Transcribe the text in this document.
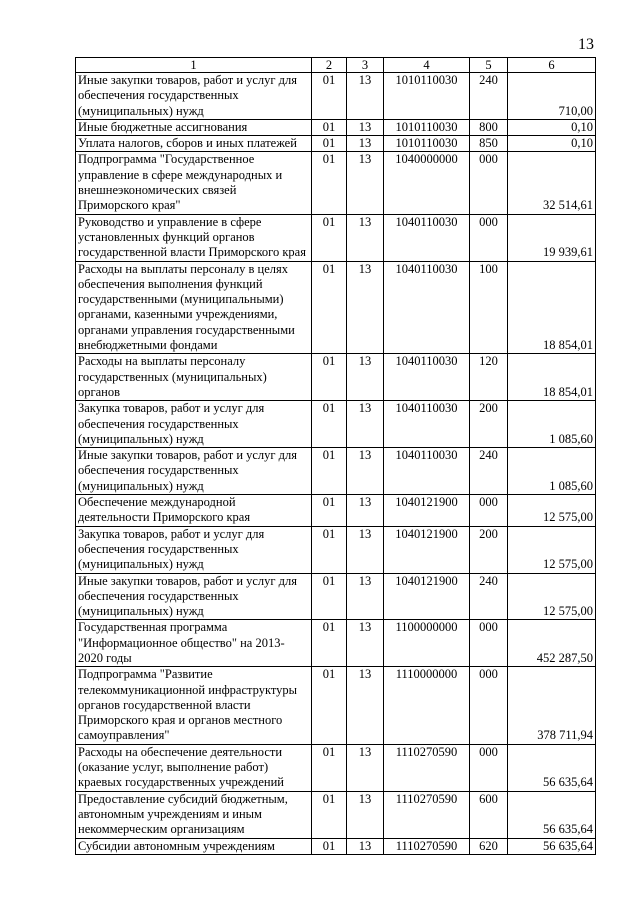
13
1	2	3	4	5	6
Иные закупки товаров, работ и услуг для обеспечения государственных (муниципальных) нужд	01	13	1010110030	240	710,00
Иные бюджетные ассигнования	01	13	1010110030	800	0,10
Уплата налогов, сборов и иных платежей	01	13	1010110030	850	0,10
Подпрограмма "Государственное управление в сфере международных и внешнеэкономических связей Приморского края"	01	13	1040000000	000	32 514,61
Руководство и управление в сфере установленных функций органов государственной власти Приморского края	01	13	1040110030	000	19 939,61
Расходы на выплаты персоналу в целях обеспечения выполнения функций государственными (муниципальными) органами, казенными учреждениями, органами управления государственными внебюджетными фондами	01	13	1040110030	100	18 854,01
Расходы на выплаты персоналу государственных (муниципальных) органов	01	13	1040110030	120	18 854,01
Закупка товаров, работ и услуг для обеспечения государственных (муниципальных) нужд	01	13	1040110030	200	1 085,60
Иные закупки товаров, работ и услуг для обеспечения государственных (муниципальных) нужд	01	13	1040110030	240	1 085,60
Обеспечение международной деятельности Приморского края	01	13	1040121900	000	12 575,00
Закупка товаров, работ и услуг для обеспечения государственных (муниципальных) нужд	01	13	1040121900	200	12 575,00
Иные закупки товаров, работ и услуг для обеспечения государственных (муниципальных) нужд	01	13	1040121900	240	12 575,00
Государственная программа "Информационное общество" на 2013-2020 годы	01	13	1100000000	000	452 287,50
Подпрограмма "Развитие телекоммуникационной инфраструктуры органов государственной власти Приморского края и органов местного самоуправления"	01	13	1110000000	000	378 711,94
Расходы на обеспечение деятельности (оказание услуг, выполнение работ) краевых государственных учреждений	01	13	1110270590	000	56 635,64
Предоставление субсидий бюджетным, автономным учреждениям и иным некоммерческим организациям	01	13	1110270590	600	56 635,64
Субсидии автономным учреждениям	01	13	1110270590	620	56 635,64
